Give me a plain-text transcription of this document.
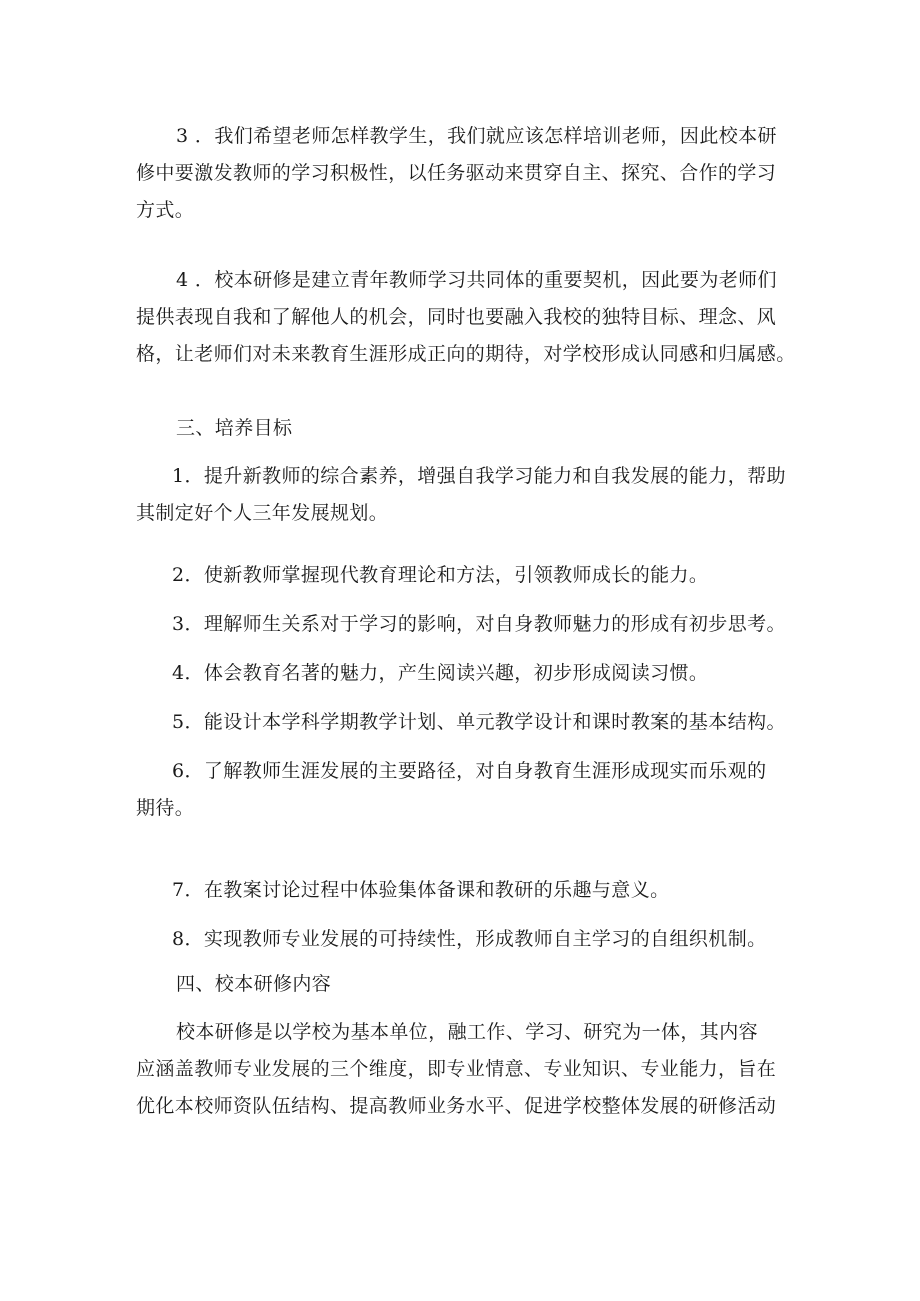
3 ．我们希望老师怎样教学生，我们就应该怎样培训老师，因此校本研
修中要激发教师的学习积极性，以任务驱动来贯穿自主、探究、合作的学习
方式。

4 ．校本研修是建立青年教师学习共同体的重要契机，因此要为老师们
提供表现自我和了解他人的机会，同时也要融入我校的独特目标、理念、风
格，让老师们对未来教育生涯形成正向的期待，对学校形成认同感和归属感。

三、培养目标

1．提升新教师的综合素养，增强自我学习能力和自我发展的能力，帮助
其制定好个人三年发展规划。

2．使新教师掌握现代教育理论和方法，引领教师成长的能力。

3．理解师生关系对于学习的影响，对自身教师魅力的形成有初步思考。

4．体会教育名著的魅力，产生阅读兴趣，初步形成阅读习惯。

5．能设计本学科学期教学计划、单元教学设计和课时教案的基本结构。

6．了解教师生涯发展的主要路径，对自身教育生涯形成现实而乐观的
期待。

7．在教案讨论过程中体验集体备课和教研的乐趣与意义。

8．实现教师专业发展的可持续性，形成教师自主学习的自组织机制。

四、校本研修内容

校本研修是以学校为基本单位，融工作、学习、研究为一体，其内容
应涵盖教师专业发展的三个维度，即专业情意、专业知识、专业能力，旨在
优化本校师资队伍结构、提高教师业务水平、促进学校整体发展的研修活动
